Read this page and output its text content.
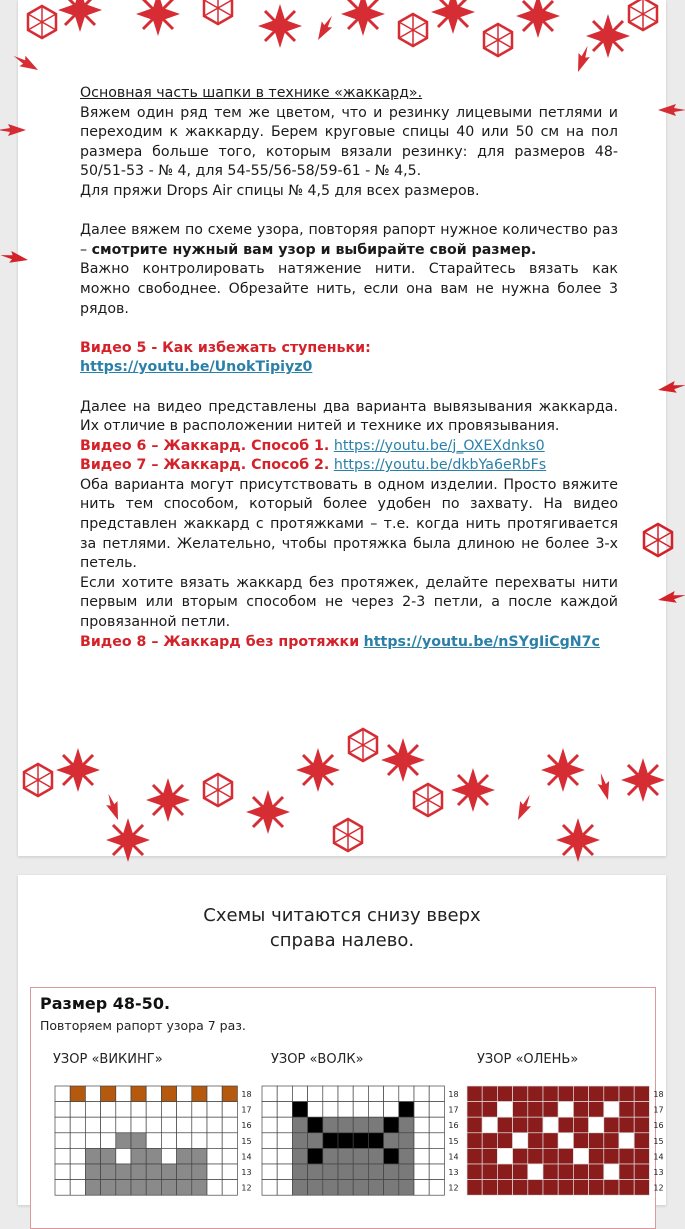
Основная часть шапки в технике «жаккард».

Вяжем один ряд тем же цветом, что и резинку лицевыми петлями и переходим к жаккарду. Берем круговые спицы 40 или 50 см на пол размера больше того, которым вязали резинку: для размеров 48-50/51-53 - № 4, для 54-55/56-58/59-61 - № 4,5.

Для пряжи Drops Air спицы № 4,5 для всех размеров.

Далее вяжем по схеме узора, повторяя рапорт нужное количество раз – смотрите нужный вам узор и выбирайте свой размер.

Важно контролировать натяжение нити. Старайтесь вязать как можно свободнее. Обрезайте нить, если она вам не нужна более 3 рядов.

Видео 5 - Как избежать ступеньки:

https://youtu.be/UnokTipiyz0

Далее на видео представлены два варианта вывязывания жаккарда. Их отличие в расположении нитей и технике их провязывания.

Видео 6 – Жаккард. Способ 1. https://youtu.be/j_OXEXdnks0

Видео 7 – Жаккард. Способ 2. https://youtu.be/dkbYa6eRbFs

Оба варианта могут присутствовать в одном изделии. Просто вяжите нить тем способом, который более удобен по захвату. На видео представлен жаккард с протяжками – т.е. когда нить протягивается за петлями. Желательно, чтобы протяжка была длиною не более 3-х петель.

Если хотите вязать жаккард без протяжек, делайте перехваты нити первым или вторым способом не через 2-3 петли, а после каждой провязанной петли.

Видео 8 – Жаккард без протяжки https://youtu.be/nSYgIiCgN7c

Схемы читаются снизу вверх
справа налево.
Размер 48-50.
Повторяем рапорт узора 7 раз.
УЗОР «ВИКИНГ»	УЗОР «ВОЛК»	УЗОР «ОЛЕНЬ»
18
17
16
15
14
13
12
18
17
16
15
14
13
12
18
17
16
15
14
13
12
